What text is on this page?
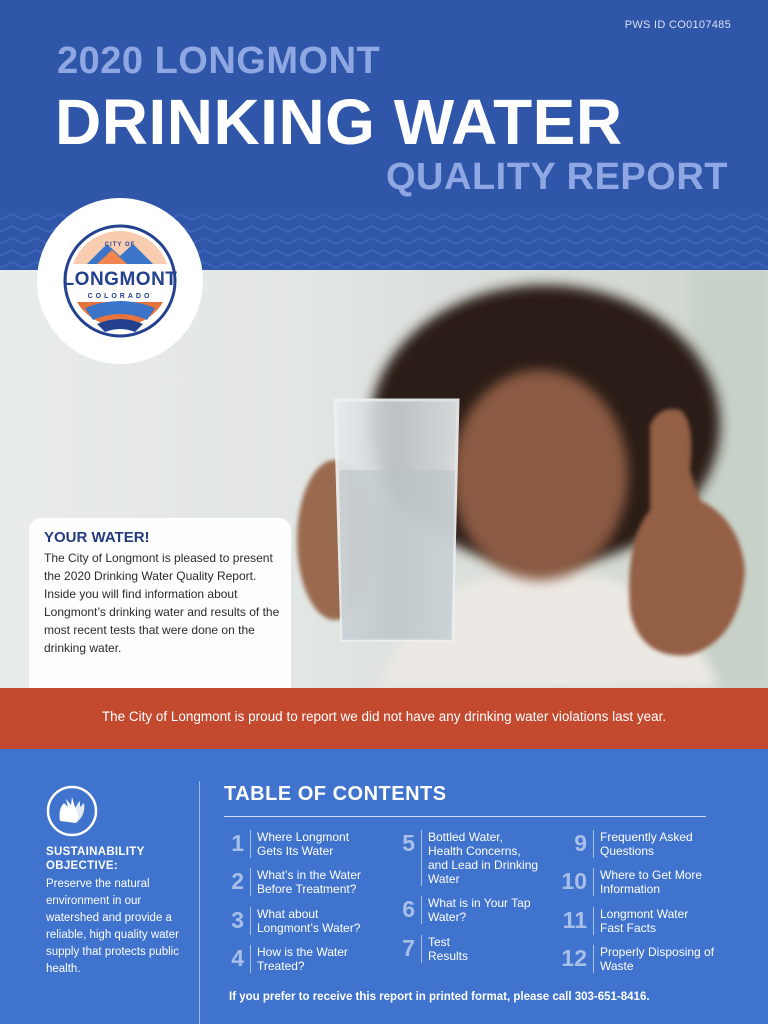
PWS ID CO0107485
2020 LONGMONT
DRINKING WATER
QUALITY REPORT
CITY OF
LONGMONT
COLORADO
YOUR WATER!
The City of Longmont is pleased to present the 2020 Drinking Water Quality Report. Inside you will find information about Longmont’s drinking water and results of the most recent tests that were done on the drinking water.
The City of Longmont is proud to report we did not have any drinking water violations last year.
SUSTAINABILITY OBJECTIVE:
Preserve the natural environment in our watershed and provide a reliable, high quality water supply that protects public health.
TABLE OF CONTENTS
1 Where Longmont Gets Its Water
2 What’s in the Water Before Treatment?
3 What about Longmont’s Water?
4 How is the Water Treated?
5 Bottled Water, Health Concerns, and Lead in Drinking Water
6 What is in Your Tap Water?
7 Test Results
9 Frequently Asked Questions
10 Where to Get More Information
11 Longmont Water Fast Facts
12 Properly Disposing of Waste
If you prefer to receive this report in printed format, please call 303-651-8416.
